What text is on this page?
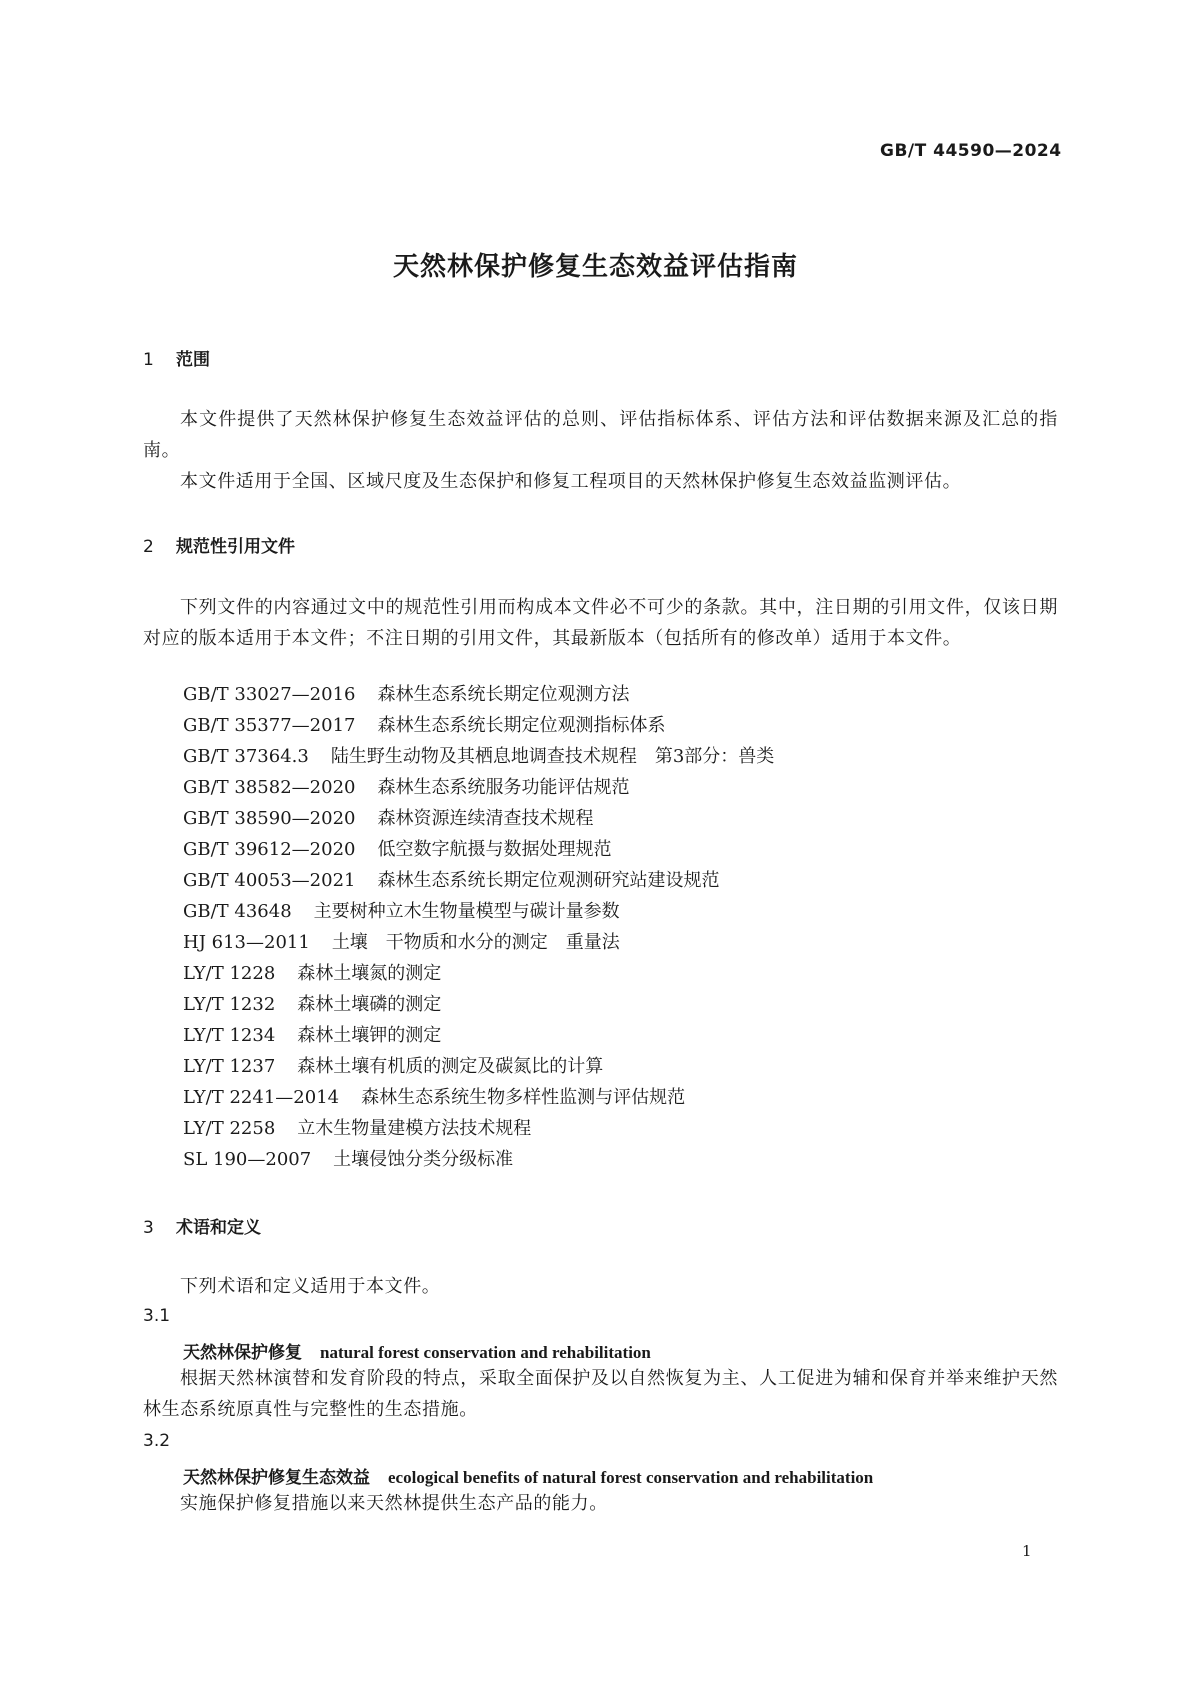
GB/T 44590—2024
天然林保护修复生态效益评估指南
1 范围
本文件提供了天然林保护修复生态效益评估的总则、评估指标体系、评估方法和评估数据来源及汇总的指南。
本文件适用于全国、区域尺度及生态保护和修复工程项目的天然林保护修复生态效益监测评估。
2 规范性引用文件
下列文件的内容通过文中的规范性引用而构成本文件必不可少的条款。其中，注日期的引用文件，仅该日期对应的版本适用于本文件；不注日期的引用文件，其最新版本（包括所有的修改单）适用于本文件。
GB/T 33027—2016 森林生态系统长期定位观测方法
GB/T 35377—2017 森林生态系统长期定位观测指标体系
GB/T 37364.3 陆生野生动物及其栖息地调查技术规程　第3部分：兽类
GB/T 38582—2020 森林生态系统服务功能评估规范
GB/T 38590—2020 森林资源连续清查技术规程
GB/T 39612—2020 低空数字航摄与数据处理规范
GB/T 40053—2021 森林生态系统长期定位观测研究站建设规范
GB/T 43648 主要树种立木生物量模型与碳计量参数
HJ 613—2011 土壤　干物质和水分的测定　重量法
LY/T 1228 森林土壤氮的测定
LY/T 1232 森林土壤磷的测定
LY/T 1234 森林土壤钾的测定
LY/T 1237 森林土壤有机质的测定及碳氮比的计算
LY/T 2241—2014 森林生态系统生物多样性监测与评估规范
LY/T 2258 立木生物量建模方法技术规程
SL 190—2007 土壤侵蚀分类分级标准
3 术语和定义
下列术语和定义适用于本文件。
3.1
天然林保护修复 natural forest conservation and rehabilitation
根据天然林演替和发育阶段的特点，采取全面保护及以自然恢复为主、人工促进为辅和保育并举来维护天然林生态系统原真性与完整性的生态措施。
3.2
天然林保护修复生态效益 ecological benefits of natural forest conservation and rehabilitation
实施保护修复措施以来天然林提供生态产品的能力。
1
